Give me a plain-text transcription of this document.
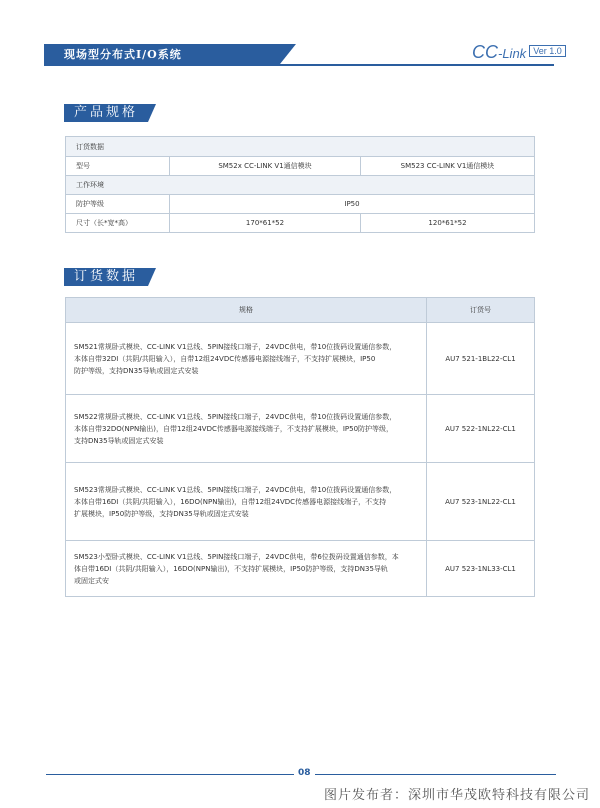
现场型分布式I/O系统	CC-Link Ver 1.0
产品规格
订货数据		
型号	SM52x CC-LINK V1通信模块	SM523 CC-LINK V1通信模块
工作环境		
防护等级	IP50	
尺寸（长*宽*高）	170*61*52	120*61*52
订货数据
规格	订货号

SM521常规卧式模块、CC-LINK V1总线、5PIN接线口端子，24VDC供电，带10位拨码设置通信参数，
本体自带32DI（共阴/共阳输入），自带12组24VDC传感器电源接线端子，不支持扩展模块，IP50
防护等级，支持DN35导轨或固定式安装	AU7 521-1BL22-CL1

SM522常规卧式模块、CC-LINK V1总线、5PIN接线口端子，24VDC供电，带10位拨码设置通信参数，
本体自带32DO(NPN输出)，自带12组24VDC传感器电源接线端子，不支持扩展模块，IP50防护等级，
支持DN35导轨或固定式安装	AU7 522-1NL22-CL1

SM523常规卧式模块、CC-LINK V1总线、5PIN接线口端子，24VDC供电，带10位拨码设置通信参数，
本体自带16DI（共阴/共阳输入），16DO(NPN输出)，自带12组24VDC传感器电源接线端子，不支持
扩展模块，IP50防护等级，支持DN35导轨或固定式安装	AU7 523-1NL22-CL1

SM523小型卧式模块、CC-LINK V1总线、5PIN接线口端子，24VDC供电，带6位拨码设置通信参数，本
体自带16DI（共阴/共阳输入），16DO(NPN输出)，不支持扩展模块，IP50防护等级，支持DN35导轨
或固定式安	AU7 523-1NL33-CL1
08
图片发布者：深圳市华茂欧特科技有限公司
